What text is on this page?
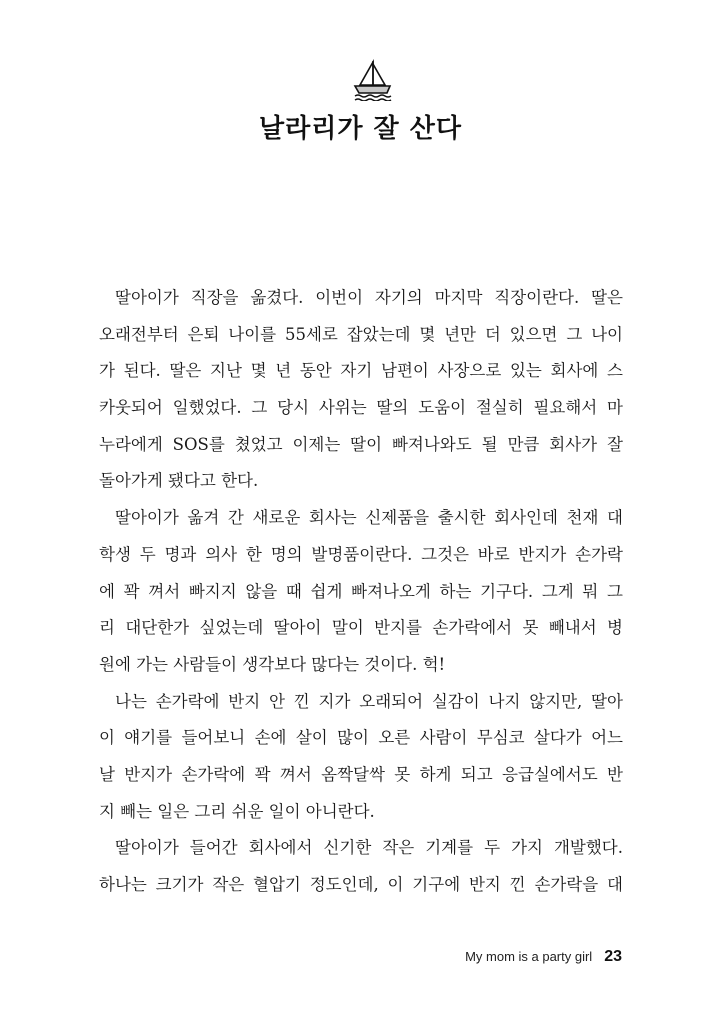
날라리가 잘 산다
딸아이가 직장을 옮겼다. 이번이 자기의 마지막 직장이란다. 딸은
오래전부터 은퇴 나이를 55세로 잡았는데 몇 년만 더 있으면 그 나이
가 된다. 딸은 지난 몇 년 동안 자기 남편이 사장으로 있는 회사에 스
카웃되어 일했었다. 그 당시 사위는 딸의 도움이 절실히 필요해서 마
누라에게 SOS를 쳤었고 이제는 딸이 빠져나와도 될 만큼 회사가 잘
돌아가게 됐다고 한다.
딸아이가 옮겨 간 새로운 회사는 신제품을 출시한 회사인데 천재 대
학생 두 명과 의사 한 명의 발명품이란다. 그것은 바로 반지가 손가락
에 꽉 껴서 빠지지 않을 때 쉽게 빠져나오게 하는 기구다. 그게 뭐 그
리 대단한가 싶었는데 딸아이 말이 반지를 손가락에서 못 빼내서 병
원에 가는 사람들이 생각보다 많다는 것이다. 헉!
나는 손가락에 반지 안 낀 지가 오래되어 실감이 나지 않지만, 딸아
이 얘기를 들어보니 손에 살이 많이 오른 사람이 무심코 살다가 어느
날 반지가 손가락에 꽉 껴서 옴짝달싹 못 하게 되고 응급실에서도 반
지 빼는 일은 그리 쉬운 일이 아니란다.
딸아이가 들어간 회사에서 신기한 작은 기계를 두 가지 개발했다.
하나는 크기가 작은 혈압기 정도인데, 이 기구에 반지 낀 손가락을 대
My mom is a party girl 23
